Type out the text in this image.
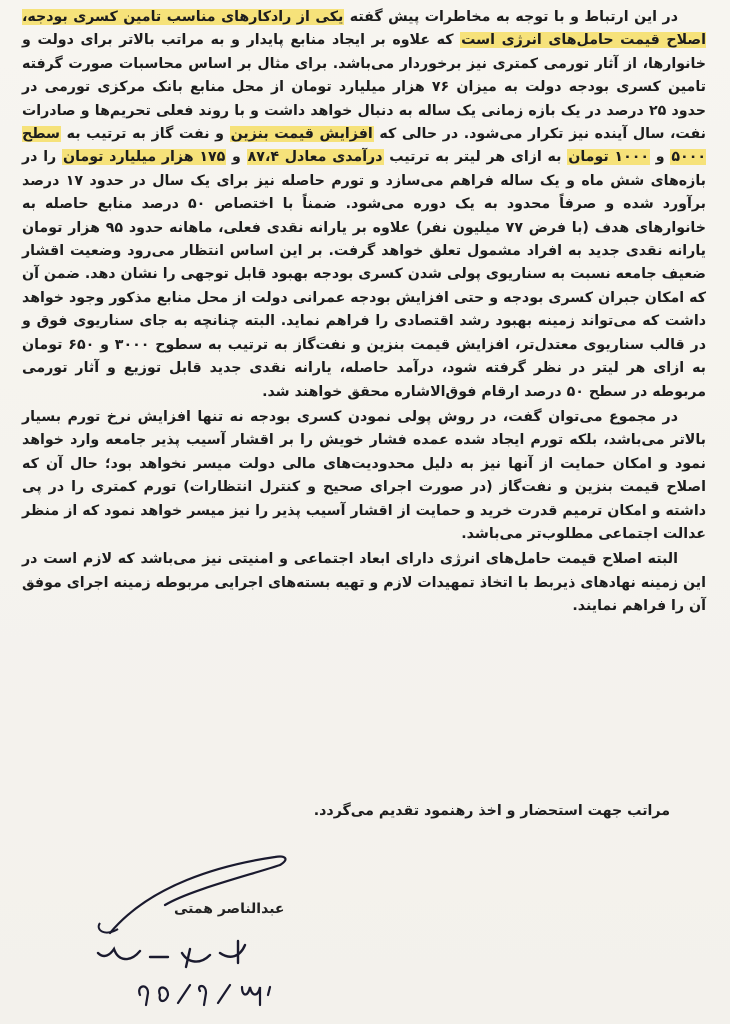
در این ارتباط و با توجه به مخاطرات پیش گفته یکی از رادکارهای مناسب تامین کسری بودجه، اصلاح قیمت حامل‌های انرژی است که علاوه بر ایجاد منابع پایدار و به مراتب بالاتر برای دولت و خانوارها، از آثار تورمی کمتری نیز برخوردار می‌باشد. برای مثال بر اساس محاسبات صورت گرفته تامین کسری بودجه دولت به میزان ۷۶ هزار میلیارد تومان از محل منابع بانک مرکزی تورمی در حدود ۲۵ درصد در یک بازه زمانی یک ساله به دنبال خواهد داشت و با روند فعلی تحریم‌ها و صادرات نفت، سال آینده نیز تکرار می‌شود. در حالی که افزایش قیمت بنزین و نفت گاز به ترتیب به سطح ۵۰۰۰ و ۱۰۰۰ تومان به ازای هر لیتر به ترتیب درآمدی معادل ۸۷،۴ و ۱۷۵ هزار میلیارد تومان را در بازه‌های شش ماه و یک ساله فراهم می‌سازد و تورم حاصله نیز برای یک سال در حدود ۱۷ درصد برآورد شده و صرفاً محدود به یک دوره می‌شود. ضمناً با اختصاص ۵۰ درصد منابع حاصله به خانوارهای هدف (با فرض ۷۷ میلیون نفر) علاوه بر یارانه نقدی فعلی، ماهانه حدود ۹۵ هزار تومان یارانه نقدی جدید به افراد مشمول تعلق خواهد گرفت. بر این اساس انتظار می‌رود وضعیت اقشار ضعیف جامعه نسبت به سناریوی پولی شدن کسری بودجه بهبود قابل توجهی را نشان دهد. ضمن آن که امکان جبران کسری بودجه و حتی افزایش بودجه عمرانی دولت از محل منابع مذکور وجود خواهد داشت که می‌تواند زمینه بهبود رشد اقتصادی را فراهم نماید. البته چنانچه به جای سناریوی فوق و در قالب سناریوی معتدل‌تر، افزایش قیمت بنزین و نفت‌گاز به ترتیب به سطوح ۳۰۰۰ و ۶۵۰ تومان به ازای هر لیتر در نظر گرفته شود، درآمد حاصله، یارانه نقدی جدید قابل توزیع و آثار تورمی مربوطه در سطح ۵۰ درصد ارقام فوق‌الاشاره محقق خواهند شد.

در مجموع می‌توان گفت، در روش پولی نمودن کسری بودجه نه تنها افزایش نرخ تورم بسیار بالاتر می‌باشد، بلکه تورم ایجاد شده عمده فشار خویش را بر اقشار آسیب پذیر جامعه وارد خواهد نمود و امکان حمایت از آنها نیز به دلیل محدودیت‌های مالی دولت میسر نخواهد بود؛ حال آن که اصلاح قیمت بنزین و نفت‌گاز (در صورت اجرای صحیح و کنترل انتظارات) تورم کمتری را در پی داشته و امکان ترمیم قدرت خرید و حمایت از اقشار آسیب پذیر را نیز میسر خواهد نمود که از منظر عدالت اجتماعی مطلوب‌تر می‌باشد.

البته اصلاح قیمت حامل‌های انرژی دارای ابعاد اجتماعی و امنیتی نیز می‌باشد که لازم است در این زمینه نهادهای ذیربط با اتخاذ تمهیدات لازم و تهیه بسته‌های اجرایی مربوطه زمینه اجرای موفق آن را فراهم نمایند.

مراتب جهت استحضار و اخذ رهنمود تقدیم می‌گردد.
عبدالناصر همتی
